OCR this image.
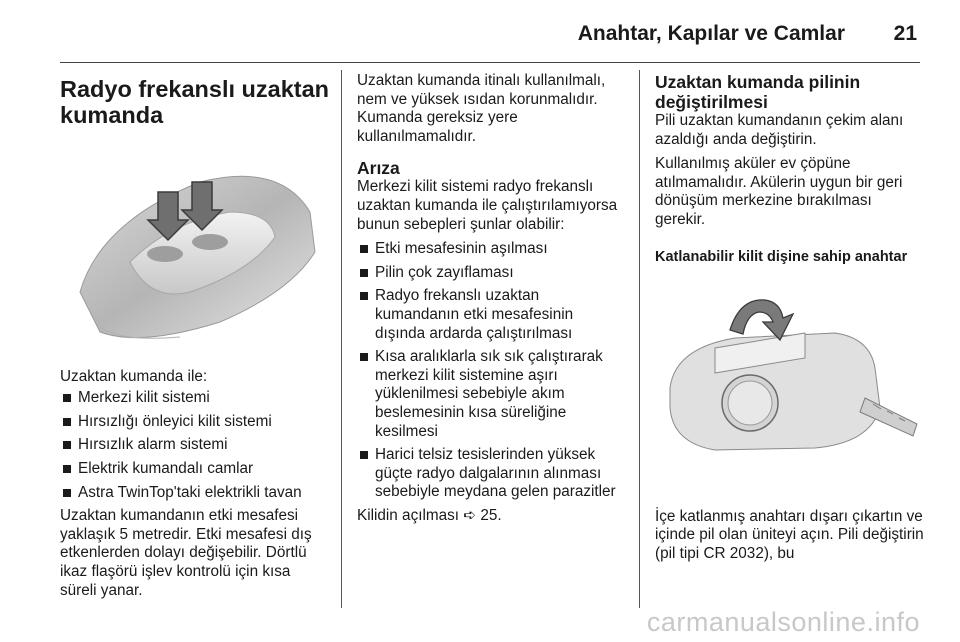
Anahtar, Kapılar ve Camlar 21
Radyo frekanslı uzaktan kumanda

Uzaktan kumanda ile:

Merkezi kilit sistemi
Hırsızlığı önleyici kilit sistemi
Hırsızlık alarm sistemi
Elektrik kumandalı camlar
Astra TwinTop'taki elektrikli tavan

Uzaktan kumandanın etki mesafesi yaklaşık 5 metredir. Etki mesafesi dış etkenlerden dolayı değişebilir. Dörtlü ikaz flaşörü işlev kontrolü için kısa süreli yanar.

Uzaktan kumanda itinalı kullanılmalı, nem ve yüksek ısıdan korunmalıdır. Kumanda gereksiz yere kullanılmamalıdır.

Arıza

Merkezi kilit sistemi radyo frekanslı uzaktan kumanda ile çalıştırılamıyorsa bunun sebepleri şunlar olabilir:

Etki mesafesinin aşılması
Pilin çok zayıflaması
Radyo frekanslı uzaktan kumandanın etki mesafesinin dışında ardarda çalıştırılması
Kısa aralıklarla sık sık çalıştırarak merkezi kilit sistemine aşırı yüklenilmesi sebebiyle akım beslemesinin kısa süreliğine kesilmesi
Harici telsiz tesislerinden yüksek güçte radyo dalgalarının alınması sebebiyle meydana gelen parazitler

Kilidin açılması ➪ 25.

Uzaktan kumanda pilinin değiştirilmesi

Pili uzaktan kumandanın çekim alanı azaldığı anda değiştirin.

Kullanılmış aküler ev çöpüne atılmamalıdır. Akülerin uygun bir geri dönüşüm merkezine bırakılması gerekir.

Katlanabilir kilit dişine sahip anahtar

İçe katlanmış anahtarı dışarı çıkartın ve içinde pil olan üniteyi açın. Pili değiştirin (pil tipi CR 2032), bu

carmanualsonline.info
